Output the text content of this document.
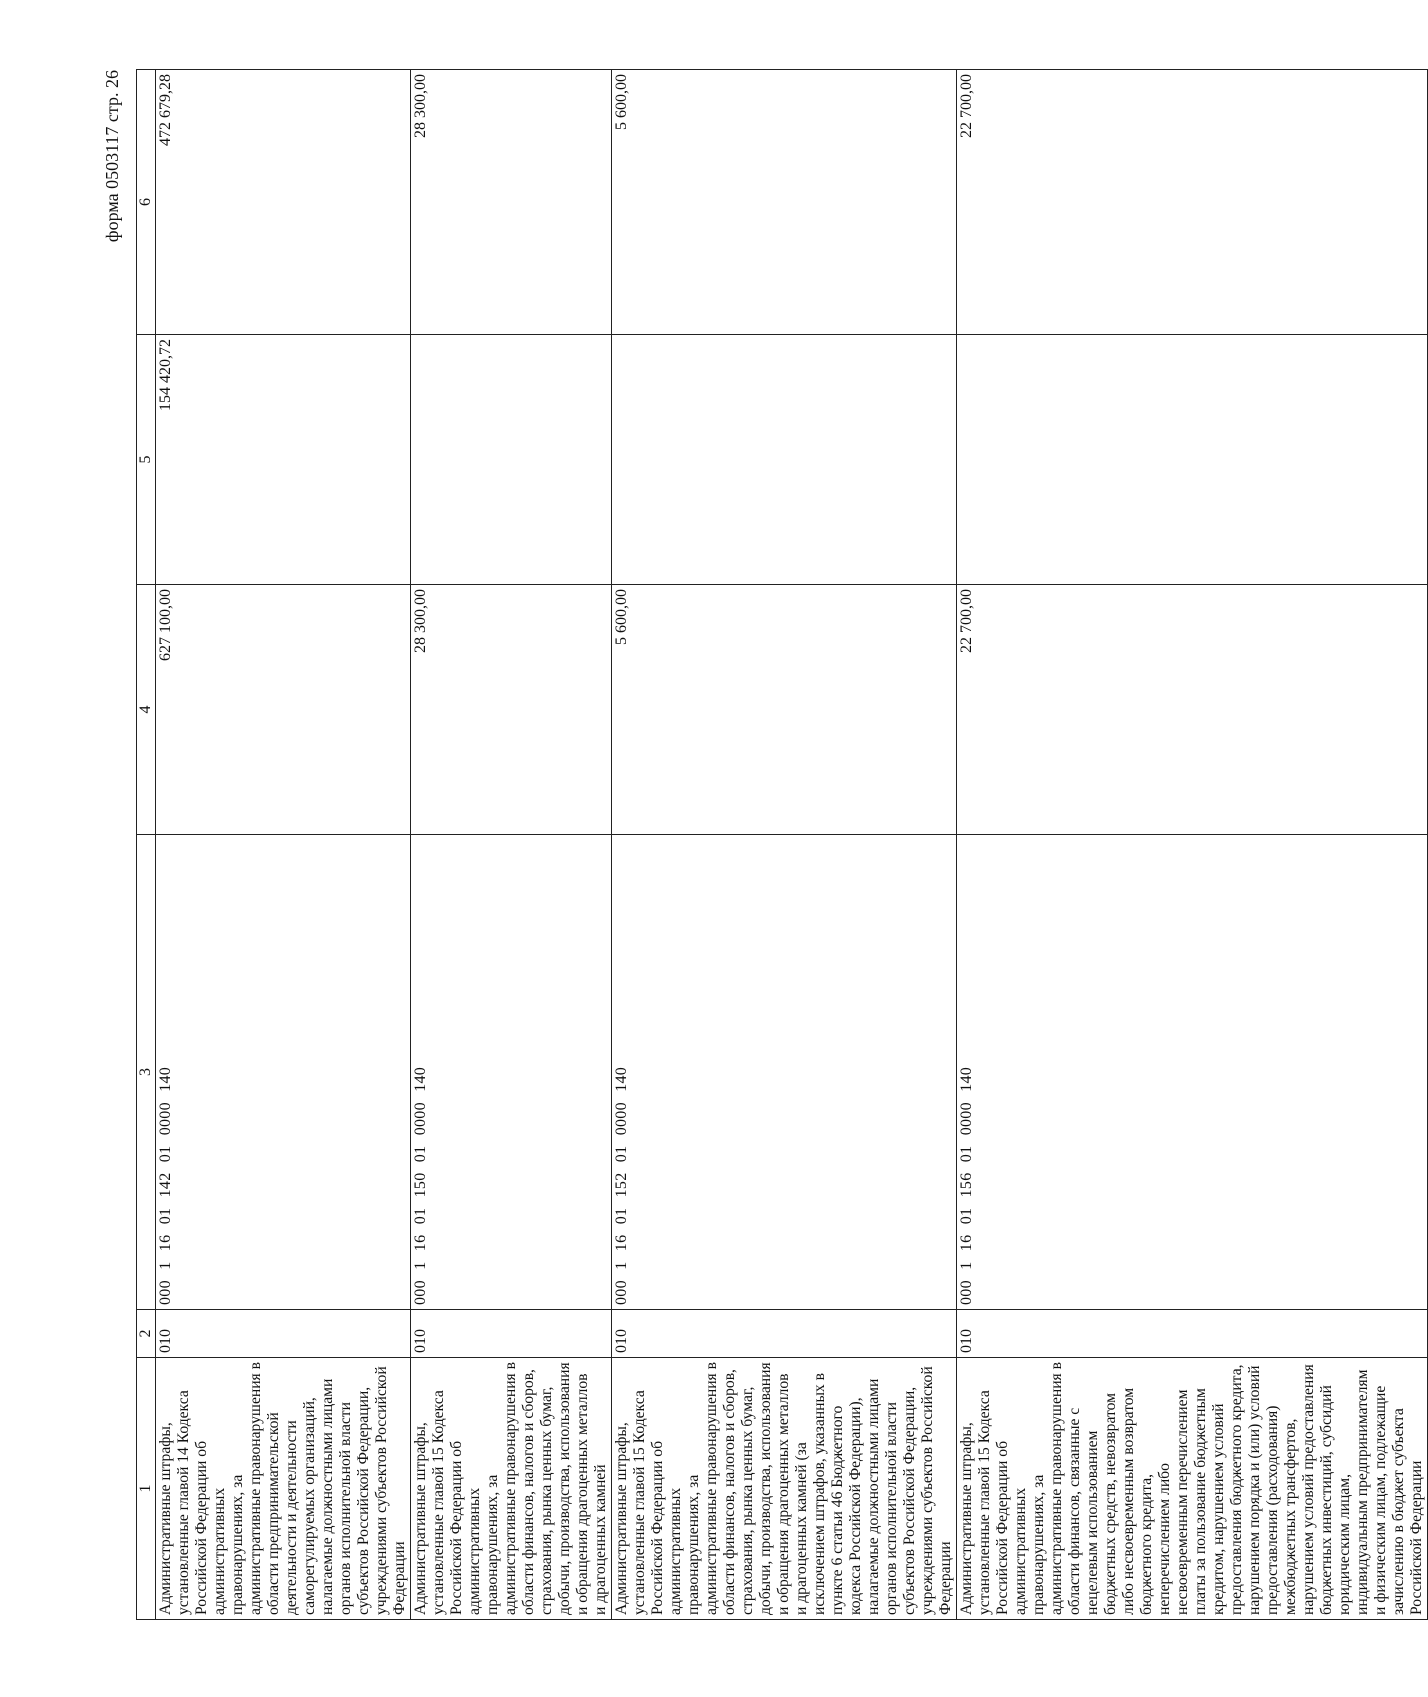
форма 0503117 стр. 26
1	2	3	4	5	6
Административные штрафы, установленные главой 14 Кодекса Российской Федерации об административных правонарушениях, за административные правонарушения в области предпринимательской деятельности и деятельности саморегулируемых организаций, налагаемые должностными лицами органов исполнительной власти субъектов Российской Федерации, учреждениями субъектов Российской Федерации	010	000 1 16 01 142 01 0000 140	627 100,00	154 420,72	472 679,28
Административные штрафы, установленные главой 15 Кодекса Российской Федерации об административных правонарушениях, за административные правонарушения в области финансов, налогов и сборов, страхования, рынка ценных бумаг, добычи, производства, использования и обращения драгоценных металлов и драгоценных камней	010	000 1 16 01 150 01 0000 140	28 300,00		28 300,00
Административные штрафы, установленные главой 15 Кодекса Российской Федерации об административных правонарушениях, за административные правонарушения в области финансов, налогов и сборов, страхования, рынка ценных бумаг, добычи, производства, использования и обращения драгоценных металлов и драгоценных камней (за исключением штрафов, указанных в пункте 6 статьи 46 Бюджетного кодекса Российской Федерации), налагаемые должностными лицами органов исполнительной власти субъектов Российской Федерации, учреждениями субъектов Российской Федерации	010	000 1 16 01 152 01 0000 140	5 600,00		5 600,00
Административные штрафы, установленные главой 15 Кодекса Российской Федерации об административных правонарушениях, за административные правонарушения в области финансов, связанные с нецелевым использованием бюджетных средств, невозвратом либо несвоевременным возвратом бюджетного кредита, неперечислением либо несвоевременным перечислением платы за пользование бюджетным кредитом, нарушением условий предоставления бюджетного кредита, нарушением порядка и (или) условий предоставления (расходования) межбюджетных трансфертов, нарушением условий предоставления бюджетных инвестиций, субсидий юридическим лицам, индивидуальным предпринимателям и физическим лицам, подлежащие зачислению в бюджет субъекта Российской Федерации	010	000 1 16 01 156 01 0000 140	22 700,00		22 700,00
